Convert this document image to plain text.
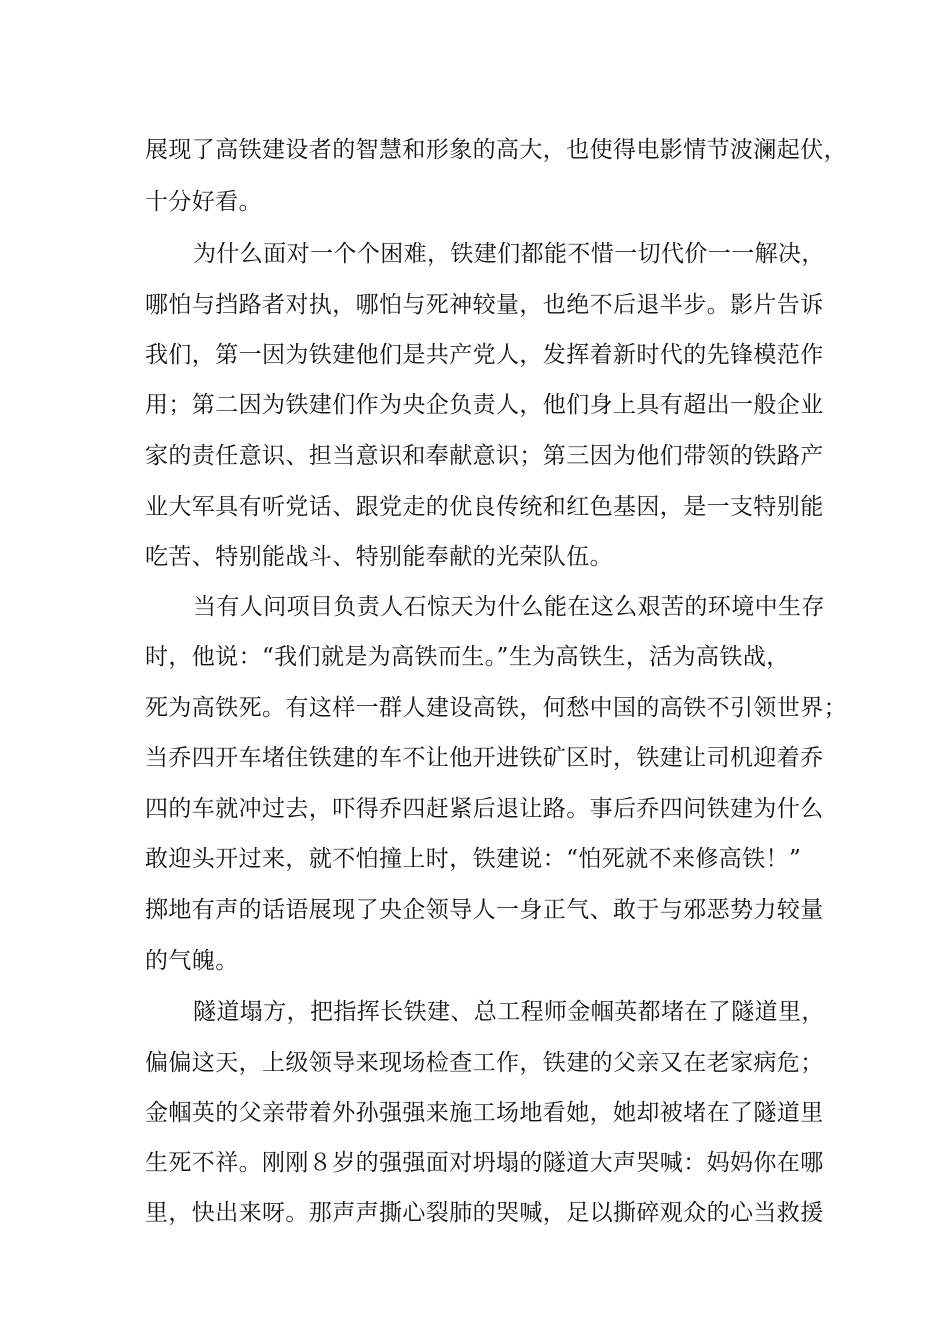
展现了高铁建设者的智慧和形象的高大，也使得电影情节波澜起伏，
十分好看。
为什么面对一个个困难，铁建们都能不惜一切代价一一解决，
哪怕与挡路者对执，哪怕与死神较量，也绝不后退半步。影片告诉
我们，第一因为铁建他们是共产党人，发挥着新时代的先锋模范作
用；第二因为铁建们作为央企负责人，他们身上具有超出一般企业
家的责任意识、担当意识和奉献意识；第三因为他们带领的铁路产
业大军具有听党话、跟党走的优良传统和红色基因，是一支特别能
吃苦、特别能战斗、特别能奉献的光荣队伍。
当有人问项目负责人石惊天为什么能在这么艰苦的环境中生存
时，他说：“我们就是为高铁而生。”生为高铁生，活为高铁战，
死为高铁死。有这样一群人建设高铁，何愁中国的高铁不引领世界；
当乔四开车堵住铁建的车不让他开进铁矿区时，铁建让司机迎着乔
四的车就冲过去，吓得乔四赶紧后退让路。事后乔四问铁建为什么
敢迎头开过来，就不怕撞上时，铁建说：“怕死就不来修高铁！”
掷地有声的话语展现了央企领导人一身正气、敢于与邪恶势力较量
的气魄。
隧道塌方，把指挥长铁建、总工程师金帼英都堵在了隧道里，
偏偏这天，上级领导来现场检查工作，铁建的父亲又在老家病危；
金帼英的父亲带着外孙强强来施工场地看她，她却被堵在了隧道里
生死不祥。刚刚８岁的强强面对坍塌的隧道大声哭喊：妈妈你在哪
里，快出来呀。那声声撕心裂肺的哭喊，足以撕碎观众的心当救援
